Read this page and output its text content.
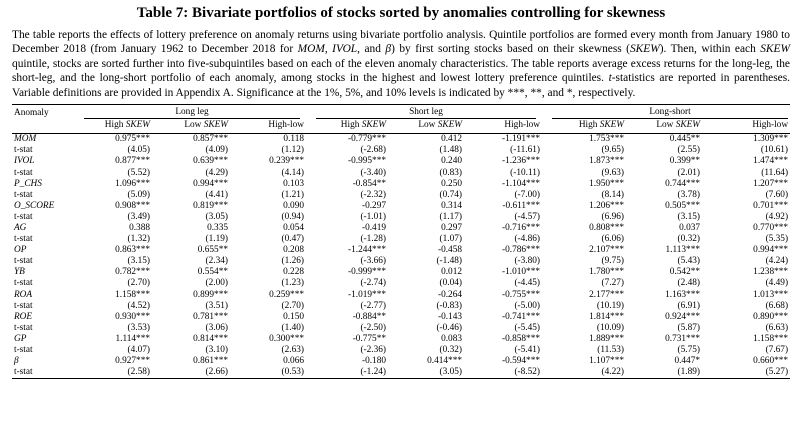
Table 7: Bivariate portfolios of stocks sorted by anomalies controlling for skewness

The table reports the effects of lottery preference on anomaly returns using bivariate portfolio analysis. Quintile portfolios are formed every month from January 1980 to December 2018 (from January 1962 to December 2018 for MOM, IVOL, and β) by first sorting stocks based on their skewness (SKEW). Then, within each SKEW quintile, stocks are sorted further into five-subquintiles based on each of the eleven anomaly characteristics. The table reports average excess returns for the long-leg, the short-leg, and the long-short portfolio of each anomaly, among stocks in the highest and lowest lottery preference quintiles. t-statistics are reported in parentheses. Variable definitions are provided in Appendix A. Significance at the 1%, 5%, and 10% levels is indicated by ***, **, and *, respectively.

Anomaly	Long leg			Short leg			Long-short		

	High SKEW	Low SKEW	High-low	High SKEW	Low SKEW	High-low	High SKEW	Low SKEW	High-low
MOM	0.975***	0.857***	0.118	-0.779***	0.412	-1.191***	1.753***	0.445**	1.309***
t-stat	(4.05)	(4.09)	(1.12)	(-2.68)	(1.48)	(-11.61)	(9.65)	(2.55)	(10.61)
IVOL	0.877***	0.639***	0.239***	-0.995***	0.240	-1.236***	1.873***	0.399**	1.474***
t-stat	(5.52)	(4.29)	(4.14)	(-3.40)	(0.83)	(-10.11)	(9.63)	(2.01)	(11.64)
P_CHS	1.096***	0.994***	0.103	-0.854**	0.250	-1.104***	1.950***	0.744***	1.207***
t-stat	(5.09)	(4.41)	(1.21)	(-2.32)	(0.74)	(-7.00)	(8.14)	(3.78)	(7.60)
O_SCORE	0.908***	0.819***	0.090	-0.297	0.314	-0.611***	1.206***	0.505***	0.701***
t-stat	(3.49)	(3.05)	(0.94)	(-1.01)	(1.17)	(-4.57)	(6.96)	(3.15)	(4.92)
AG	0.388	0.335	0.054	-0.419	0.297	-0.716***	0.808***	0.037	0.770***
t-stat	(1.32)	(1.19)	(0.47)	(-1.28)	(1.07)	(-4.86)	(6.06)	(0.32)	(5.35)
OP	0.863***	0.655**	0.208	-1.244***	-0.458	-0.786***	2.107***	1.113***	0.994***
t-stat	(3.15)	(2.34)	(1.26)	(-3.66)	(-1.48)	(-3.80)	(9.75)	(5.43)	(4.24)
YB	0.782***	0.554**	0.228	-0.999***	0.012	-1.010***	1.780***	0.542**	1.238***
t-stat	(2.70)	(2.00)	(1.23)	(-2.74)	(0.04)	(-4.45)	(7.27)	(2.48)	(4.49)
ROA	1.158***	0.899***	0.259***	-1.019***	-0.264	-0.755***	2.177***	1.163***	1.013***
t-stat	(4.52)	(3.51)	(2.70)	(-2.77)	(-0.83)	(-5.00)	(10.19)	(6.91)	(6.68)
ROE	0.930***	0.781***	0.150	-0.884**	-0.143	-0.741***	1.814***	0.924***	0.890***
t-stat	(3.53)	(3.06)	(1.40)	(-2.50)	(-0.46)	(-5.45)	(10.09)	(5.87)	(6.63)
GP	1.114***	0.814***	0.300***	-0.775**	0.083	-0.858***	1.889***	0.731***	1.158***
t-stat	(4.07)	(3.10)	(2.63)	(-2.36)	(0.32)	(-5.41)	(11.53)	(5.75)	(7.67)
β	0.927***	0.861***	0.066	-0.180	0.414***	-0.594***	1.107***	0.447*	0.660***
t-stat	(2.58)	(2.66)	(0.53)	(-1.24)	(3.05)	(-8.52)	(4.22)	(1.89)	(5.27)
